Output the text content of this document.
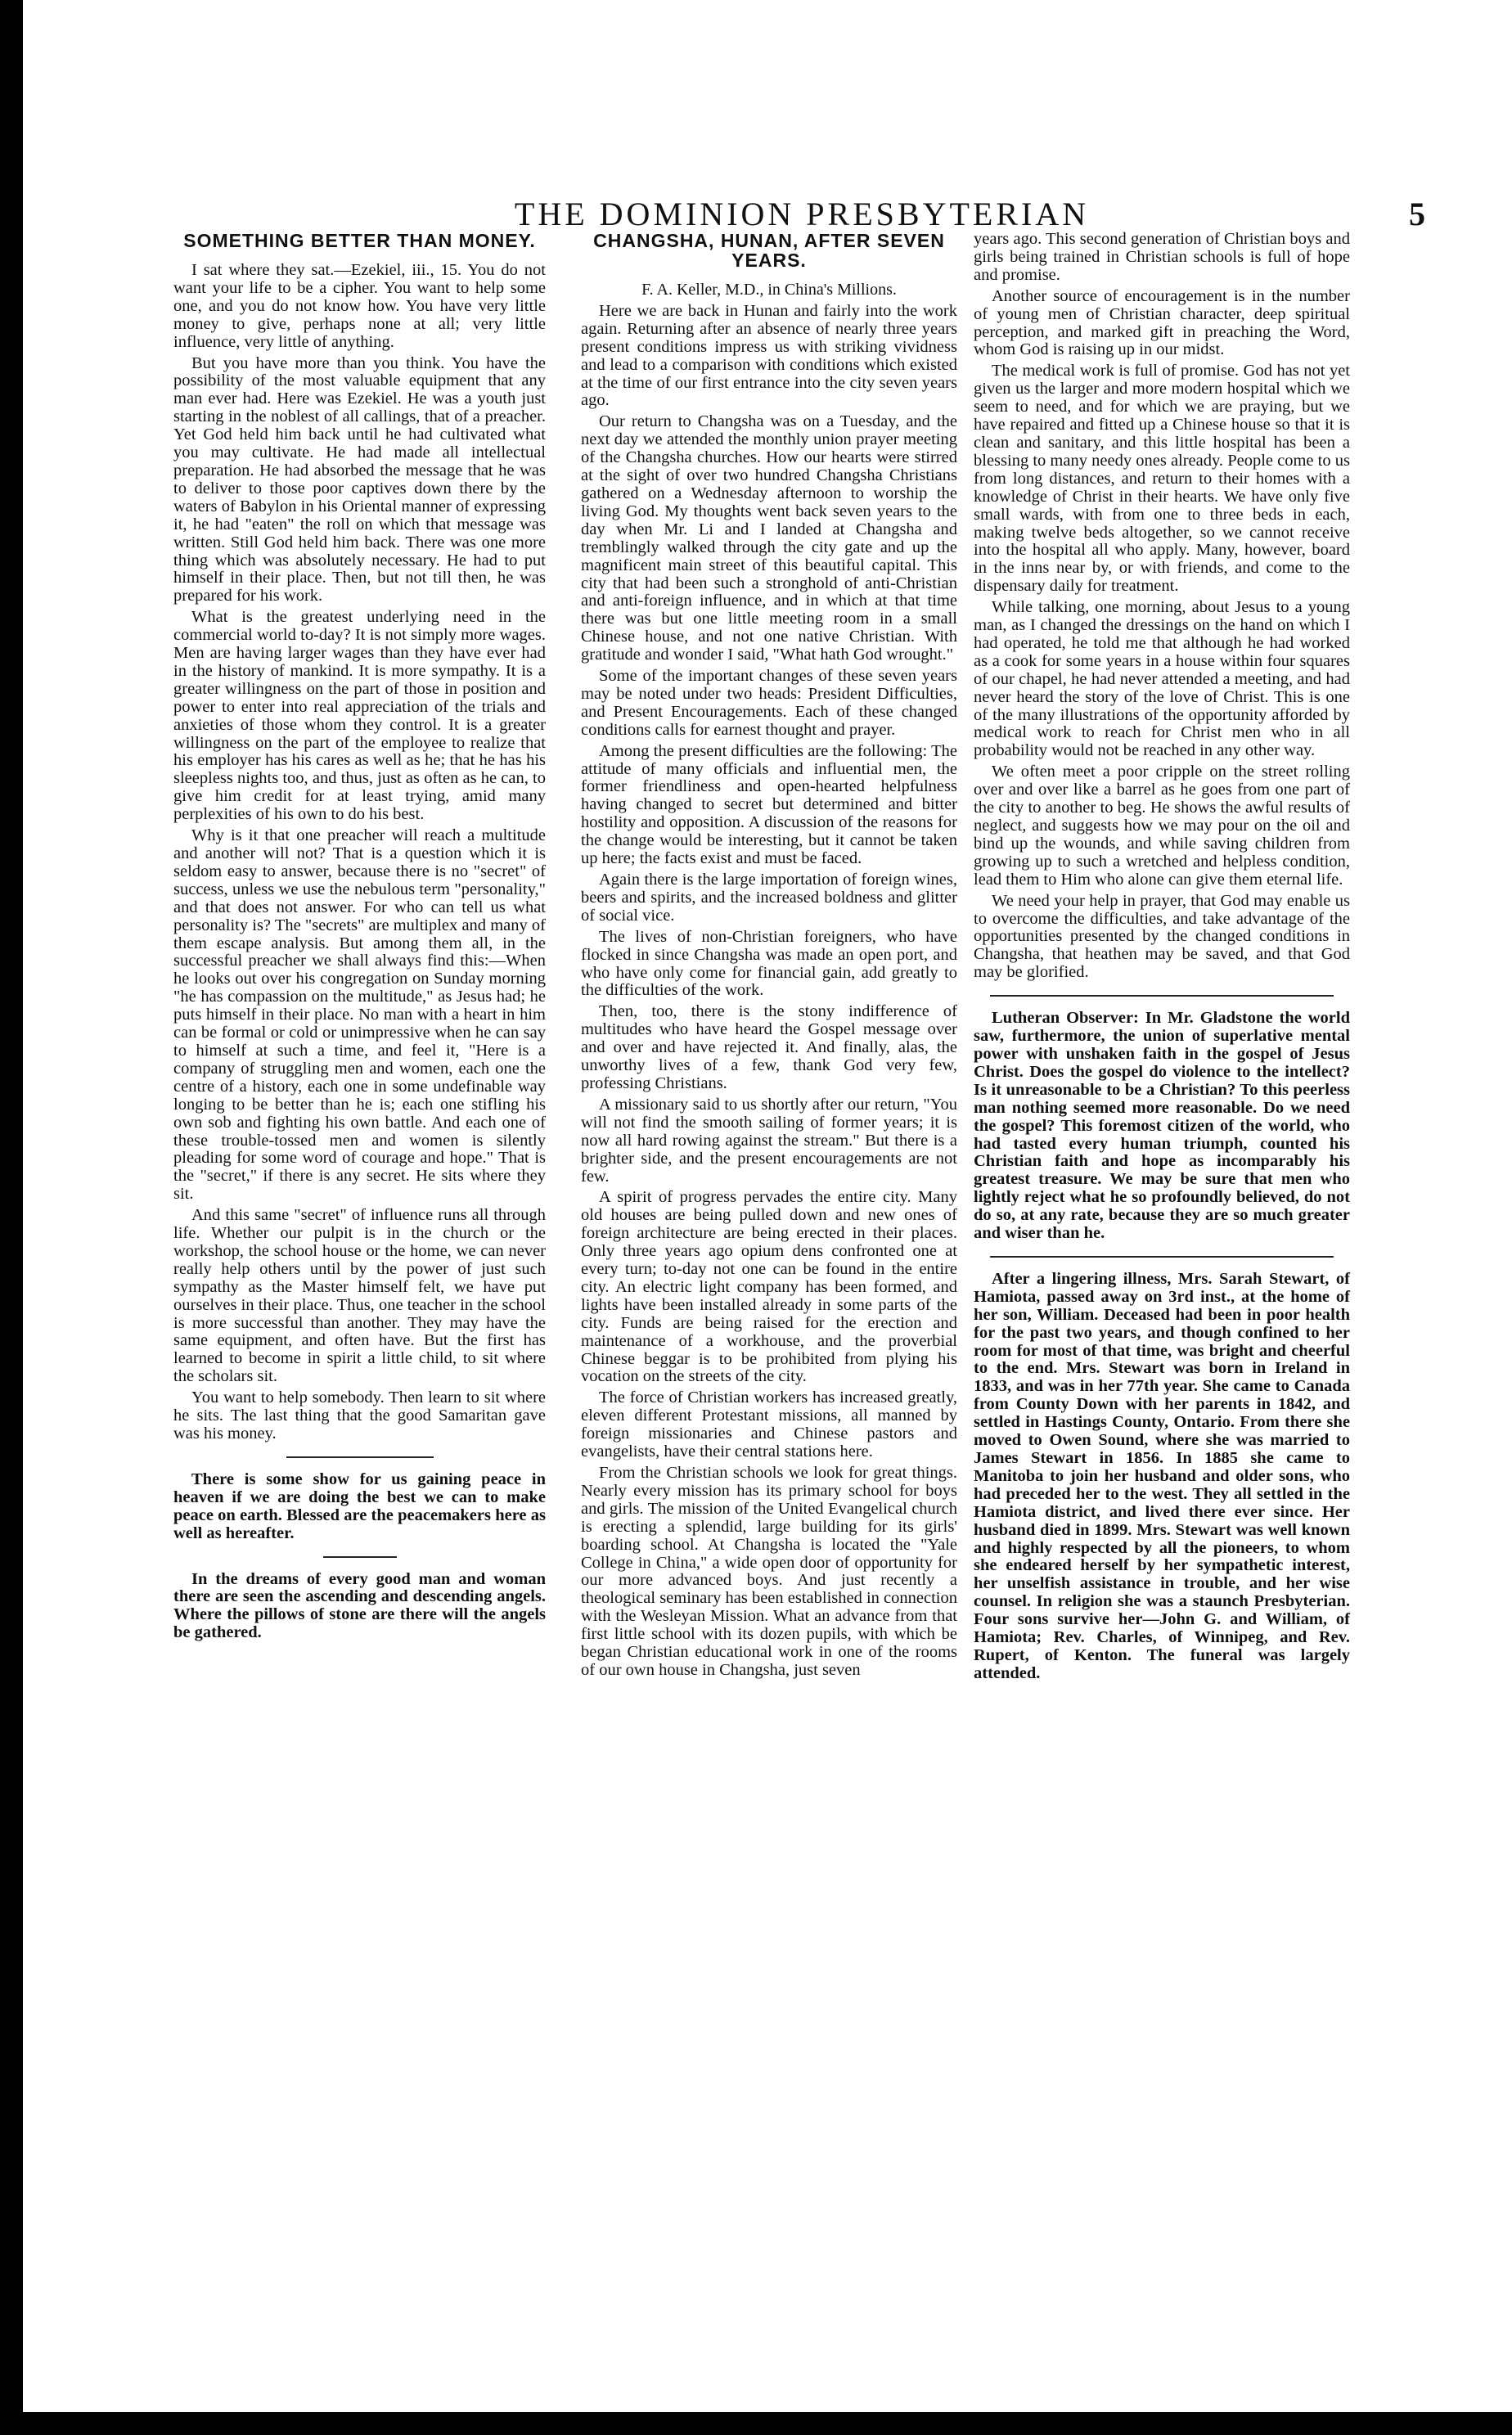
THE DOMINION PRESBYTERIAN	5
SOMETHING BETTER THAN MONEY.

I sat where they sat.—Ezekiel, iii., 15. You do not want your life to be a cipher. You want to help some one, and you do not know how. You have very little money to give, perhaps none at all; very little influence, very little of anything.

But you have more than you think. You have the possibility of the most valuable equipment that any man ever had. Here was Ezekiel. He was a youth just starting in the noblest of all callings, that of a preacher. Yet God held him back until he had cultivated what you may cultivate. He had made all intellectual preparation. He had absorbed the message that he was to deliver to those poor captives down there by the waters of Babylon in his Oriental manner of expressing it, he had "eaten" the roll on which that message was written. Still God held him back. There was one more thing which was absolutely necessary. He had to put himself in their place. Then, but not till then, he was prepared for his work.

What is the greatest underlying need in the commercial world to-day? It is not simply more wages. Men are having larger wages than they have ever had in the history of mankind. It is more sympathy. It is a greater willingness on the part of those in position and power to enter into real appreciation of the trials and anxieties of those whom they control. It is a greater willingness on the part of the employee to realize that his employer has his cares as well as he; that he has his sleepless nights too, and thus, just as often as he can, to give him credit for at least trying, amid many perplexities of his own to do his best.

Why is it that one preacher will reach a multitude and another will not? That is a question which it is seldom easy to answer, because there is no "secret" of success, unless we use the nebulous term "personality," and that does not answer. For who can tell us what personality is? The "secrets" are multiplex and many of them escape analysis. But among them all, in the successful preacher we shall always find this:—When he looks out over his congregation on Sunday morning "he has compassion on the multitude," as Jesus had; he puts himself in their place. No man with a heart in him can be formal or cold or unimpressive when he can say to himself at such a time, and feel it, "Here is a company of struggling men and women, each one the centre of a history, each one in some undefinable way longing to be better than he is; each one stifling his own sob and fighting his own battle. And each one of these trouble-tossed men and women is silently pleading for some word of courage and hope." That is the "secret," if there is any secret. He sits where they sit.

And this same "secret" of influence runs all through life. Whether our pulpit is in the church or the workshop, the school house or the home, we can never really help others until by the power of just such sympathy as the Master himself felt, we have put ourselves in their place. Thus, one teacher in the school is more successful than another. They may have the same equipment, and often have. But the first has learned to become in spirit a little child, to sit where the scholars sit.

You want to help somebody. Then learn to sit where he sits. The last thing that the good Samaritan gave was his money.

There is some show for us gaining peace in heaven if we are doing the best we can to make peace on earth. Blessed are the peacemakers here as well as hereafter.

In the dreams of every good man and woman there are seen the ascending and descending angels. Where the pillows of stone are there will the angels be gathered.

CHANGSHA, HUNAN, AFTER SEVEN YEARS.

F. A. Keller, M.D., in China's Millions.

Here we are back in Hunan and fairly into the work again. Returning after an absence of nearly three years present conditions impress us with striking vividness and lead to a comparison with conditions which existed at the time of our first entrance into the city seven years ago.

Our return to Changsha was on a Tuesday, and the next day we attended the monthly union prayer meeting of the Changsha churches. How our hearts were stirred at the sight of over two hundred Changsha Christians gathered on a Wednesday afternoon to worship the living God. My thoughts went back seven years to the day when Mr. Li and I landed at Changsha and tremblingly walked through the city gate and up the magnificent main street of this beautiful capital. This city that had been such a stronghold of anti-Christian and anti-foreign influence, and in which at that time there was but one little meeting room in a small Chinese house, and not one native Christian. With gratitude and wonder I said, "What hath God wrought."

Some of the important changes of these seven years may be noted under two heads: President Difficulties, and Present Encouragements. Each of these changed conditions calls for earnest thought and prayer.

Among the present difficulties are the following: The attitude of many officials and influential men, the former friendliness and open-hearted helpfulness having changed to secret but determined and bitter hostility and opposition. A discussion of the reasons for the change would be interesting, but it cannot be taken up here; the facts exist and must be faced.

Again there is the large importation of foreign wines, beers and spirits, and the increased boldness and glitter of social vice.

The lives of non-Christian foreigners, who have flocked in since Changsha was made an open port, and who have only come for financial gain, add greatly to the difficulties of the work.

Then, too, there is the stony indifference of multitudes who have heard the Gospel message over and over and have rejected it. And finally, alas, the unworthy lives of a few, thank God very few, professing Christians.

A missionary said to us shortly after our return, "You will not find the smooth sailing of former years; it is now all hard rowing against the stream." But there is a brighter side, and the present encouragements are not few.

A spirit of progress pervades the entire city. Many old houses are being pulled down and new ones of foreign architecture are being erected in their places. Only three years ago opium dens confronted one at every turn; to-day not one can be found in the entire city. An electric light company has been formed, and lights have been installed already in some parts of the city. Funds are being raised for the erection and maintenance of a workhouse, and the proverbial Chinese beggar is to be prohibited from plying his vocation on the streets of the city.

The force of Christian workers has increased greatly, eleven different Protestant missions, all manned by foreign missionaries and Chinese pastors and evangelists, have their central stations here.

From the Christian schools we look for great things. Nearly every mission has its primary school for boys and girls. The mission of the United Evangelical church is erecting a splendid, large building for its girls' boarding school. At Changsha is located the "Yale College in China," a wide open door of opportunity for our more advanced boys. And just recently a theological seminary has been established in connection with the Wesleyan Mission. What an advance from that first little school with its dozen pupils, with which be began Christian educational work in one of the rooms of our own house in Changsha, just seven

years ago. This second generation of Christian boys and girls being trained in Christian schools is full of hope and promise.

Another source of encouragement is in the number of young men of Christian character, deep spiritual perception, and marked gift in preaching the Word, whom God is raising up in our midst.

The medical work is full of promise. God has not yet given us the larger and more modern hospital which we seem to need, and for which we are praying, but we have repaired and fitted up a Chinese house so that it is clean and sanitary, and this little hospital has been a blessing to many needy ones already. People come to us from long distances, and return to their homes with a knowledge of Christ in their hearts. We have only five small wards, with from one to three beds in each, making twelve beds altogether, so we cannot receive into the hospital all who apply. Many, however, board in the inns near by, or with friends, and come to the dispensary daily for treatment.

While talking, one morning, about Jesus to a young man, as I changed the dressings on the hand on which I had operated, he told me that although he had worked as a cook for some years in a house within four squares of our chapel, he had never attended a meeting, and had never heard the story of the love of Christ. This is one of the many illustrations of the opportunity afforded by medical work to reach for Christ men who in all probability would not be reached in any other way.

We often meet a poor cripple on the street rolling over and over like a barrel as he goes from one part of the city to another to beg. He shows the awful results of neglect, and suggests how we may pour on the oil and bind up the wounds, and while saving children from growing up to such a wretched and helpless condition, lead them to Him who alone can give them eternal life.

We need your help in prayer, that God may enable us to overcome the difficulties, and take advantage of the opportunities presented by the changed conditions in Changsha, that heathen may be saved, and that God may be glorified.

Lutheran Observer: In Mr. Gladstone the world saw, furthermore, the union of superlative mental power with unshaken faith in the gospel of Jesus Christ. Does the gospel do violence to the intellect? Is it unreasonable to be a Christian? To this peerless man nothing seemed more reasonable. Do we need the gospel? This foremost citizen of the world, who had tasted every human triumph, counted his Christian faith and hope as incomparably his greatest treasure. We may be sure that men who lightly reject what he so profoundly believed, do not do so, at any rate, because they are so much greater and wiser than he.

After a lingering illness, Mrs. Sarah Stewart, of Hamiota, passed away on 3rd inst., at the home of her son, William. Deceased had been in poor health for the past two years, and though confined to her room for most of that time, was bright and cheerful to the end. Mrs. Stewart was born in Ireland in 1833, and was in her 77th year. She came to Canada from County Down with her parents in 1842, and settled in Hastings County, Ontario. From there she moved to Owen Sound, where she was married to James Stewart in 1856. In 1885 she came to Manitoba to join her husband and older sons, who had preceded her to the west. They all settled in the Hamiota district, and lived there ever since. Her husband died in 1899. Mrs. Stewart was well known and highly respected by all the pioneers, to whom she endeared herself by her sympathetic interest, her unselfish assistance in trouble, and her wise counsel. In religion she was a staunch Presbyterian. Four sons survive her—John G. and William, of Hamiota; Rev. Charles, of Winnipeg, and Rev. Rupert, of Kenton. The funeral was largely attended.
